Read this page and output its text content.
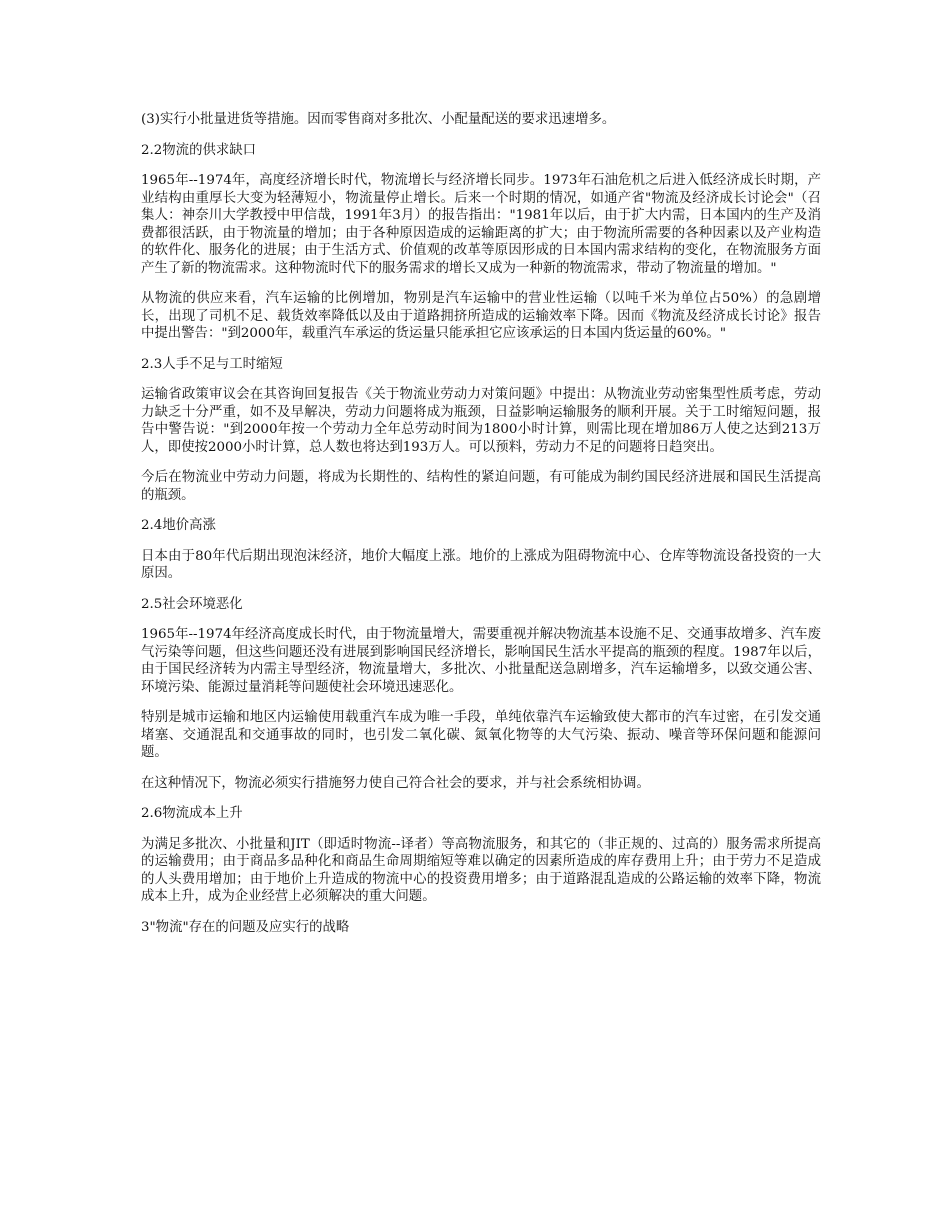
(3)实行小批量进货等措施。因而零售商对多批次、小配量配送的要求迅速增多。

2.2物流的供求缺口

1965年--1974年，高度经济增长时代，物流增长与经济增长同步。1973年石油危机之后进入低经济成长时期，产业结构由重厚长大变为轻薄短小，物流量停止增长。后来一个时期的情况，如通产省"物流及经济成长讨论会"（召集人：神奈川大学教授中甲信哉，1991年3月）的报告指出："1981年以后，由于扩大内需，日本国内的生产及消费都很活跃，由于物流量的增加；由于各种原因造成的运输距离的扩大；由于物流所需要的各种因素以及产业构造的软件化、服务化的进展；由于生活方式、价值观的改革等原因形成的日本国内需求结构的变化，在物流服务方面产生了新的物流需求。这种物流时代下的服务需求的增长又成为一种新的物流需求，带动了物流量的增加。"

从物流的供应来看，汽车运输的比例增加，物别是汽车运输中的营业性运输（以吨千米为单位占50%）的急剧增长，出现了司机不足、载货效率降低以及由于道路拥挤所造成的运输效率下降。因而《物流及经济成长讨论》报告中提出警告："到2000年，载重汽车承运的货运量只能承担它应该承运的日本国内货运量的60%。"

2.3人手不足与工时缩短

运输省政策审议会在其咨询回复报告《关于物流业劳动力对策问题》中提出：从物流业劳动密集型性质考虑，劳动力缺乏十分严重，如不及早解决，劳动力问题将成为瓶颈，日益影响运输服务的顺利开展。关于工时缩短问题，报告中警告说："到2000年按一个劳动力全年总劳动时间为1800小时计算，则需比现在增加86万人使之达到213万人，即使按2000小时计算，总人数也将达到193万人。可以预料，劳动力不足的问题将日趋突出。

今后在物流业中劳动力问题，将成为长期性的、结构性的紧迫问题，有可能成为制约国民经济进展和国民生活提高的瓶颈。

2.4地价高涨

日本由于80年代后期出现泡沫经济，地价大幅度上涨。地价的上涨成为阻碍物流中心、仓库等物流设备投资的一大原因。

2.5社会环境恶化

1965年--1974年经济高度成长时代，由于物流量增大，需要重视并解决物流基本设施不足、交通事故增多、汽车废气污染等问题，但这些问题还没有进展到影响国民经济增长，影响国民生活水平提高的瓶颈的程度。1987年以后，由于国民经济转为内需主导型经济，物流量增大，多批次、小批量配送急剧增多，汽车运输增多，以致交通公害、环境污染、能源过量消耗等问题使社会环境迅速恶化。

特别是城市运输和地区内运输使用载重汽车成为唯一手段，单纯依靠汽车运输致使大都市的汽车过密，在引发交通堵塞、交通混乱和交通事故的同时，也引发二氧化碳、氮氧化物等的大气污染、振动、噪音等环保问题和能源问题。

在这种情况下，物流必须实行措施努力使自己符合社会的要求，并与社会系统相协调。

2.6物流成本上升

为满足多批次、小批量和JIT（即适时物流--译者）等高物流服务，和其它的（非正规的、过高的）服务需求所提高的运输费用；由于商品多品种化和商品生命周期缩短等难以确定的因素所造成的库存费用上升；由于劳力不足造成的人头费用增加；由于地价上升造成的物流中心的投资费用增多；由于道路混乱造成的公路运输的效率下降，物流成本上升，成为企业经营上必须解决的重大问题。

3"物流"存在的问题及应实行的战略
